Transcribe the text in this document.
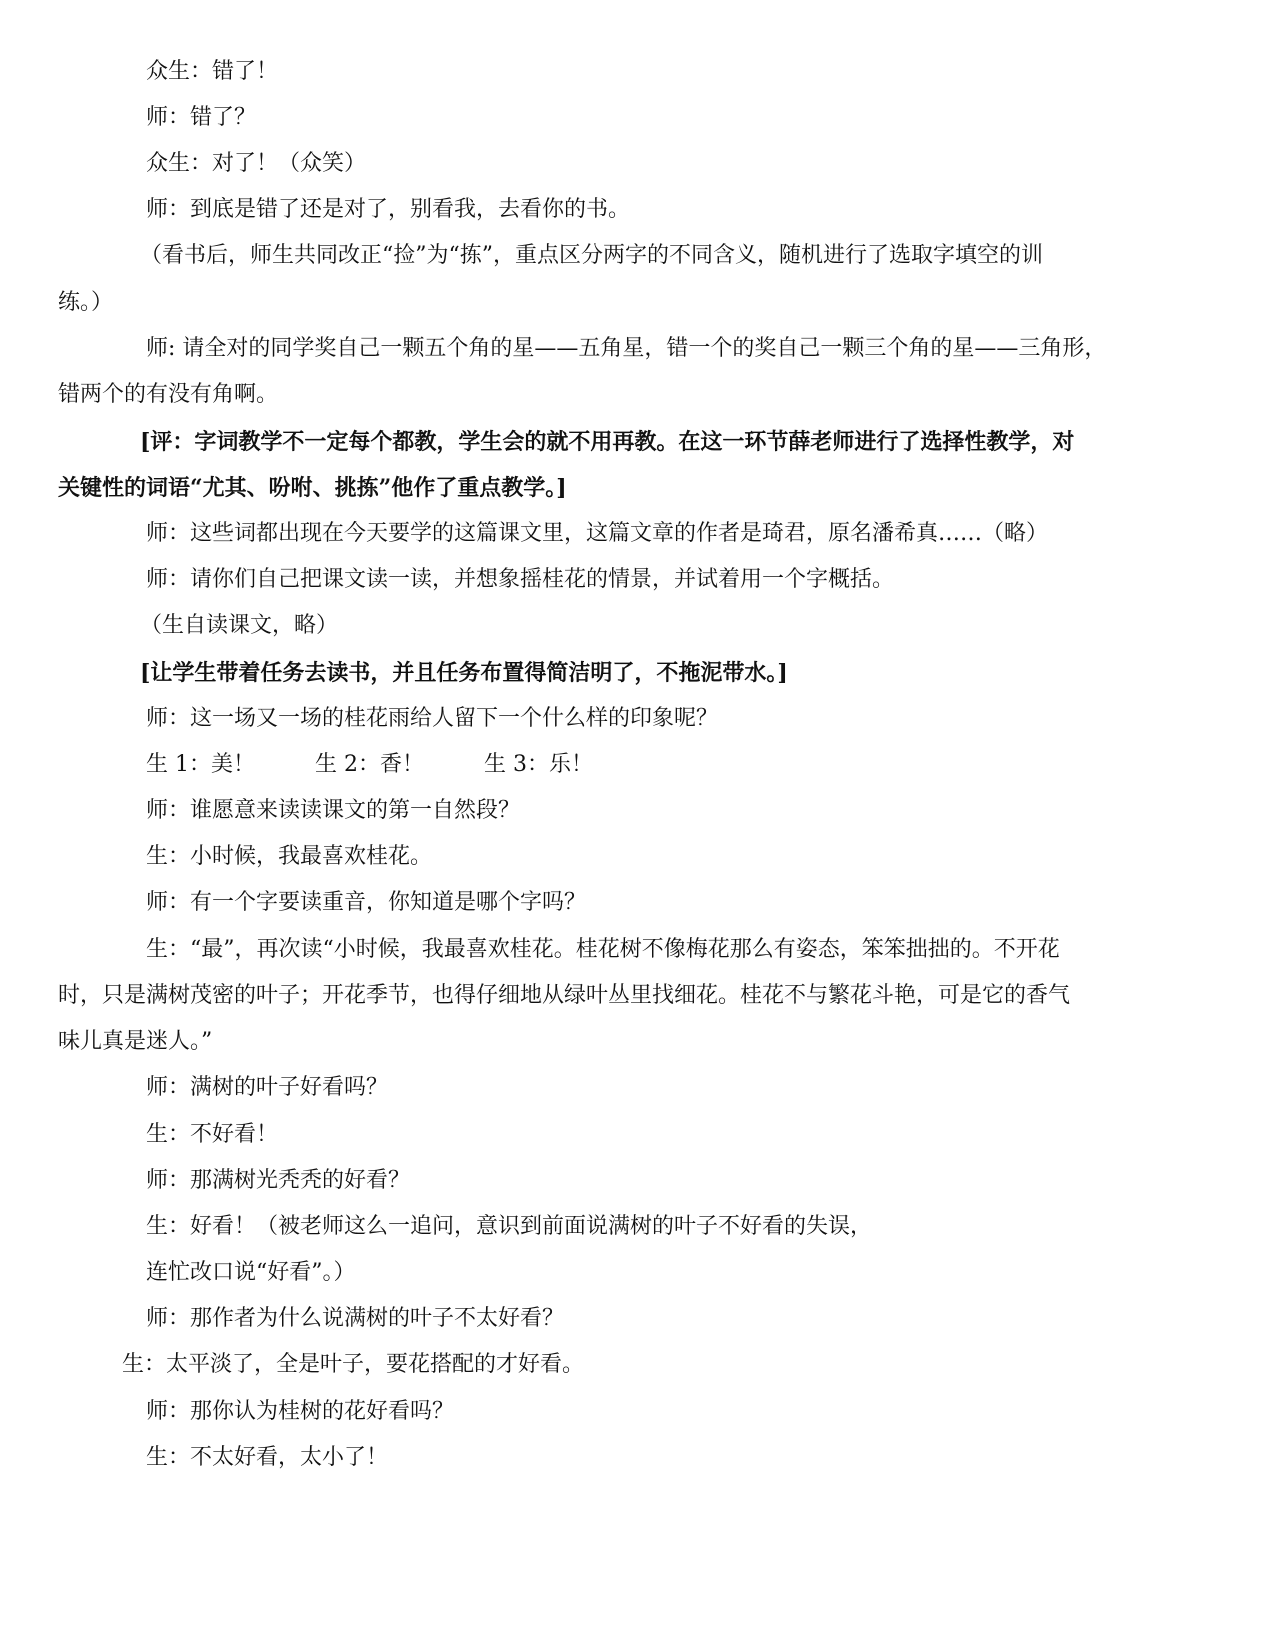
众生：错了！
师：错了？
众生：对了！（众笑）
师：到底是错了还是对了，别看我，去看你的书。
（看书后，师生共同改正“捡”为“拣”，重点区分两字的不同含义，随机进行了选取字填空的训
练。）
师: 请全对的同学奖自己一颗五个角的星——五角星，错一个的奖自己一颗三个角的星——三角形，
错两个的有没有角啊。
[评：字词教学不一定每个都教，学生会的就不用再教。在这一环节薛老师进行了选择性教学，对
关键性的词语“尤其、吩咐、挑拣”他作了重点教学。]
师：这些词都出现在今天要学的这篇课文里，这篇文章的作者是琦君，原名潘希真……（略）
师：请你们自己把课文读一读，并想象摇桂花的情景，并试着用一个字概括。
（生自读课文，略）
[让学生带着任务去读书，并且任务布置得简洁明了，不拖泥带水。]
师：这一场又一场的桂花雨给人留下一个什么样的印象呢？
生 1：美！	生 2：香！	生 3：乐！
师：谁愿意来读读课文的第一自然段？
生：小时候，我最喜欢桂花。
师：有一个字要读重音，你知道是哪个字吗？
生：“最”，再次读“小时候，我最喜欢桂花。桂花树不像梅花那么有姿态，笨笨拙拙的。不开花
时，只是满树茂密的叶子；开花季节，也得仔细地从绿叶丛里找细花。桂花不与繁花斗艳，可是它的香气
味儿真是迷人。”
师：满树的叶子好看吗？
生：不好看！
师：那满树光秃秃的好看？
生：好看！（被老师这么一追问，意识到前面说满树的叶子不好看的失误，
连忙改口说“好看”。）
师：那作者为什么说满树的叶子不太好看？
生：太平淡了，全是叶子，要花搭配的才好看。
师：那你认为桂树的花好看吗？
生：不太好看，太小了！
